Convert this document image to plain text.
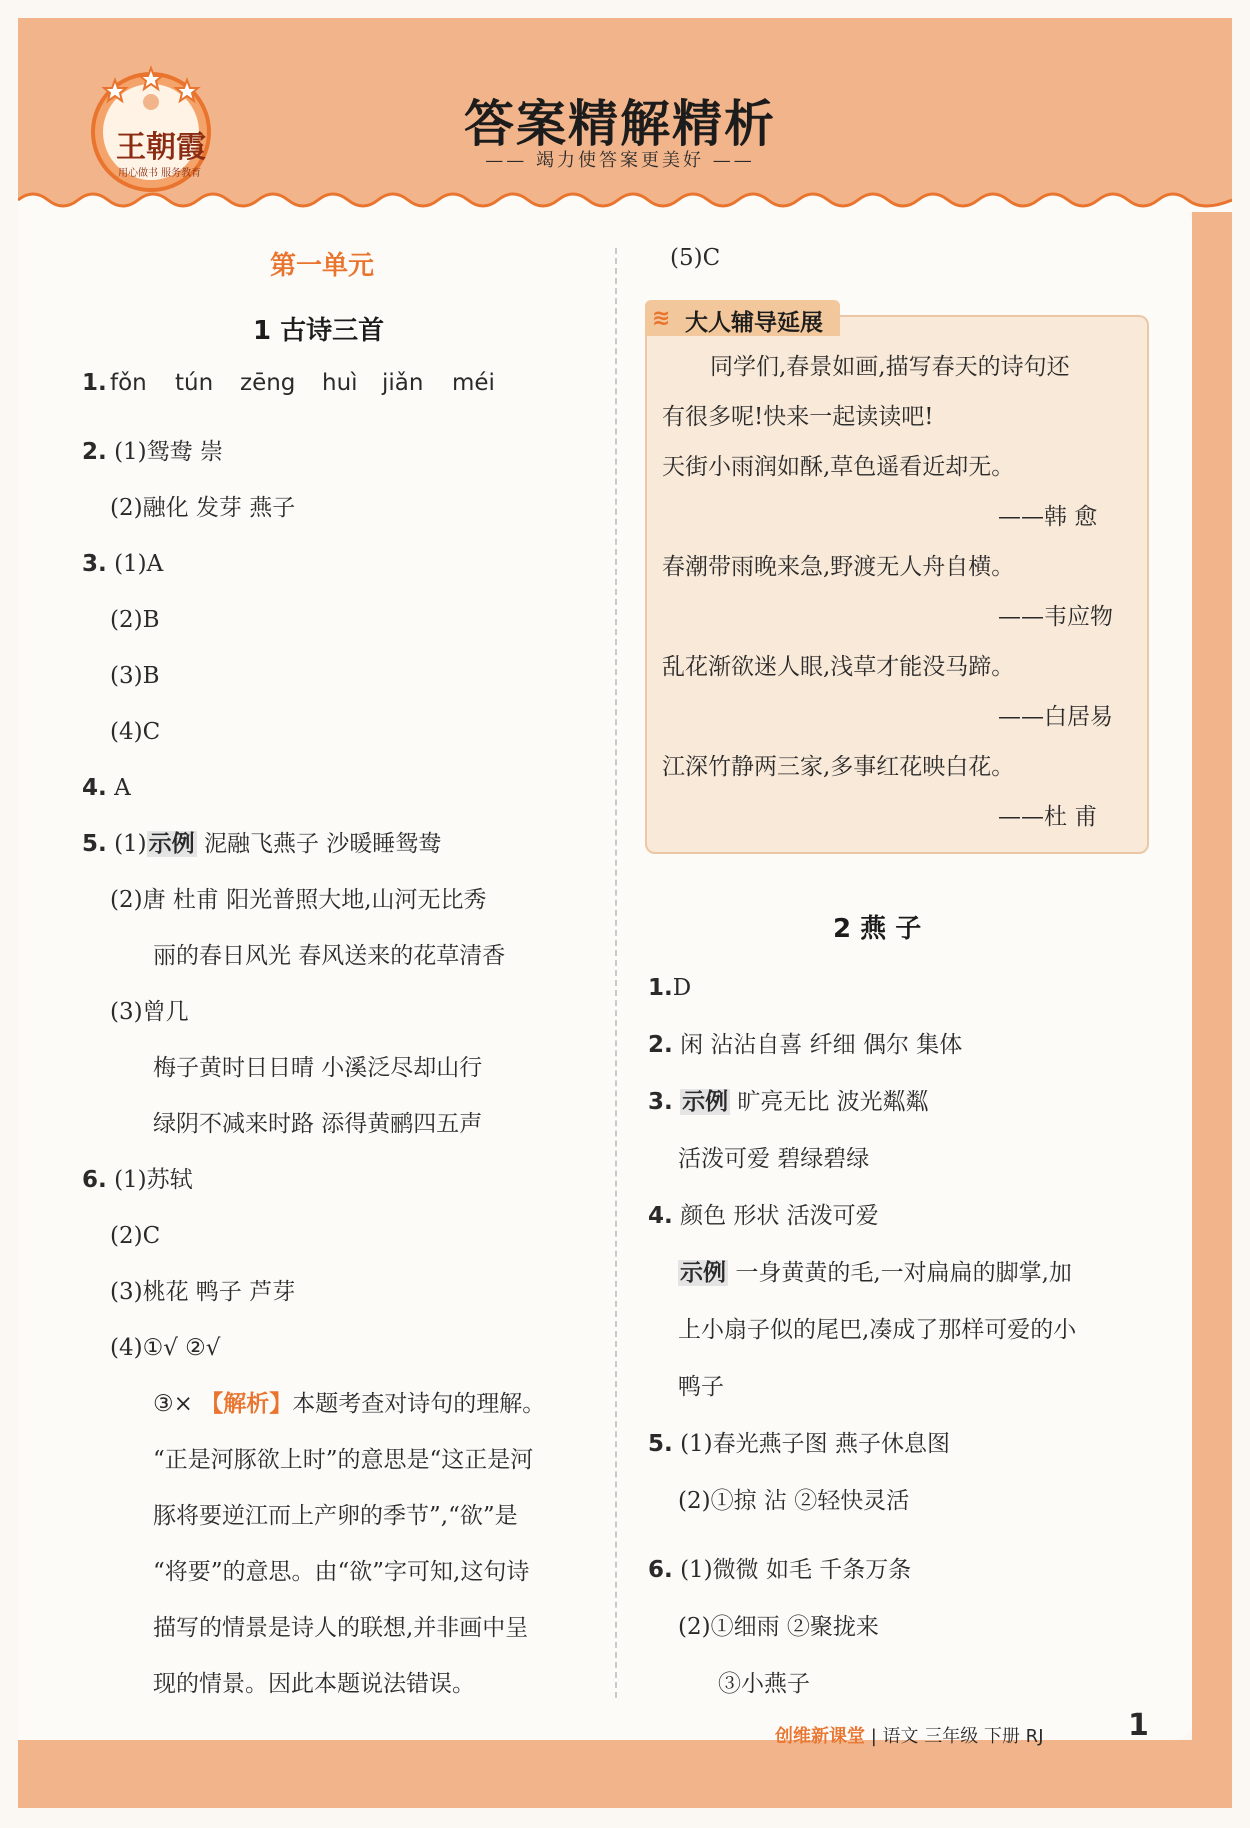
王朝霞
用心做书 服务教育
答案精解精析
—— 竭力使答案更美好 ——
第一单元
1 古诗三首
1. fǒn tún zēng huì jiǎn méi
2. (1)鸳鸯 崇
(2)融化 发芽 燕子
3. (1)A
(2)B
(3)B
(4)C
4. A
5. (1)示例 泥融飞燕子 沙暖睡鸳鸯
(2)唐 杜甫 阳光普照大地,山河无比秀
丽的春日风光 春风送来的花草清香
(3)曾几
梅子黄时日日晴 小溪泛尽却山行
绿阴不减来时路 添得黄鹂四五声
6. (1)苏轼
(2)C
(3)桃花 鸭子 芦芽
(4)①√ ②√
③× 【解析】本题考查对诗句的理解。
“正是河豚欲上时”的意思是“这正是河
豚将要逆江而上产卵的季节”,“欲”是
“将要”的意思。由“欲”字可知,这句诗
描写的情景是诗人的联想,并非画中呈
现的情景。因此本题说法错误。
(5)C
≋ 大人辅导延展
同学们,春景如画,描写春天的诗句还
有很多呢!快来一起读读吧!
天街小雨润如酥,草色遥看近却无。
——韩 愈
春潮带雨晚来急,野渡无人舟自横。
——韦应物
乱花渐欲迷人眼,浅草才能没马蹄。
——白居易
江深竹静两三家,多事红花映白花。
——杜 甫
2 燕 子
1.D
2. 闲 沾沾自喜 纤细 偶尔 集体
3. 示例 旷亮无比 波光粼粼
活泼可爱 碧绿碧绿
4. 颜色 形状 活泼可爱
示例 一身黄黄的毛,一对扁扁的脚掌,加
上小扇子似的尾巴,凑成了那样可爱的小
鸭子
5. (1)春光燕子图 燕子休息图
(2)①掠 沾 ②轻快灵活
6. (1)微微 如毛 千条万条
(2)①细雨 ②聚拢来
③小燕子
创维新课堂 | 语文 三年级 下册 RJ	1
